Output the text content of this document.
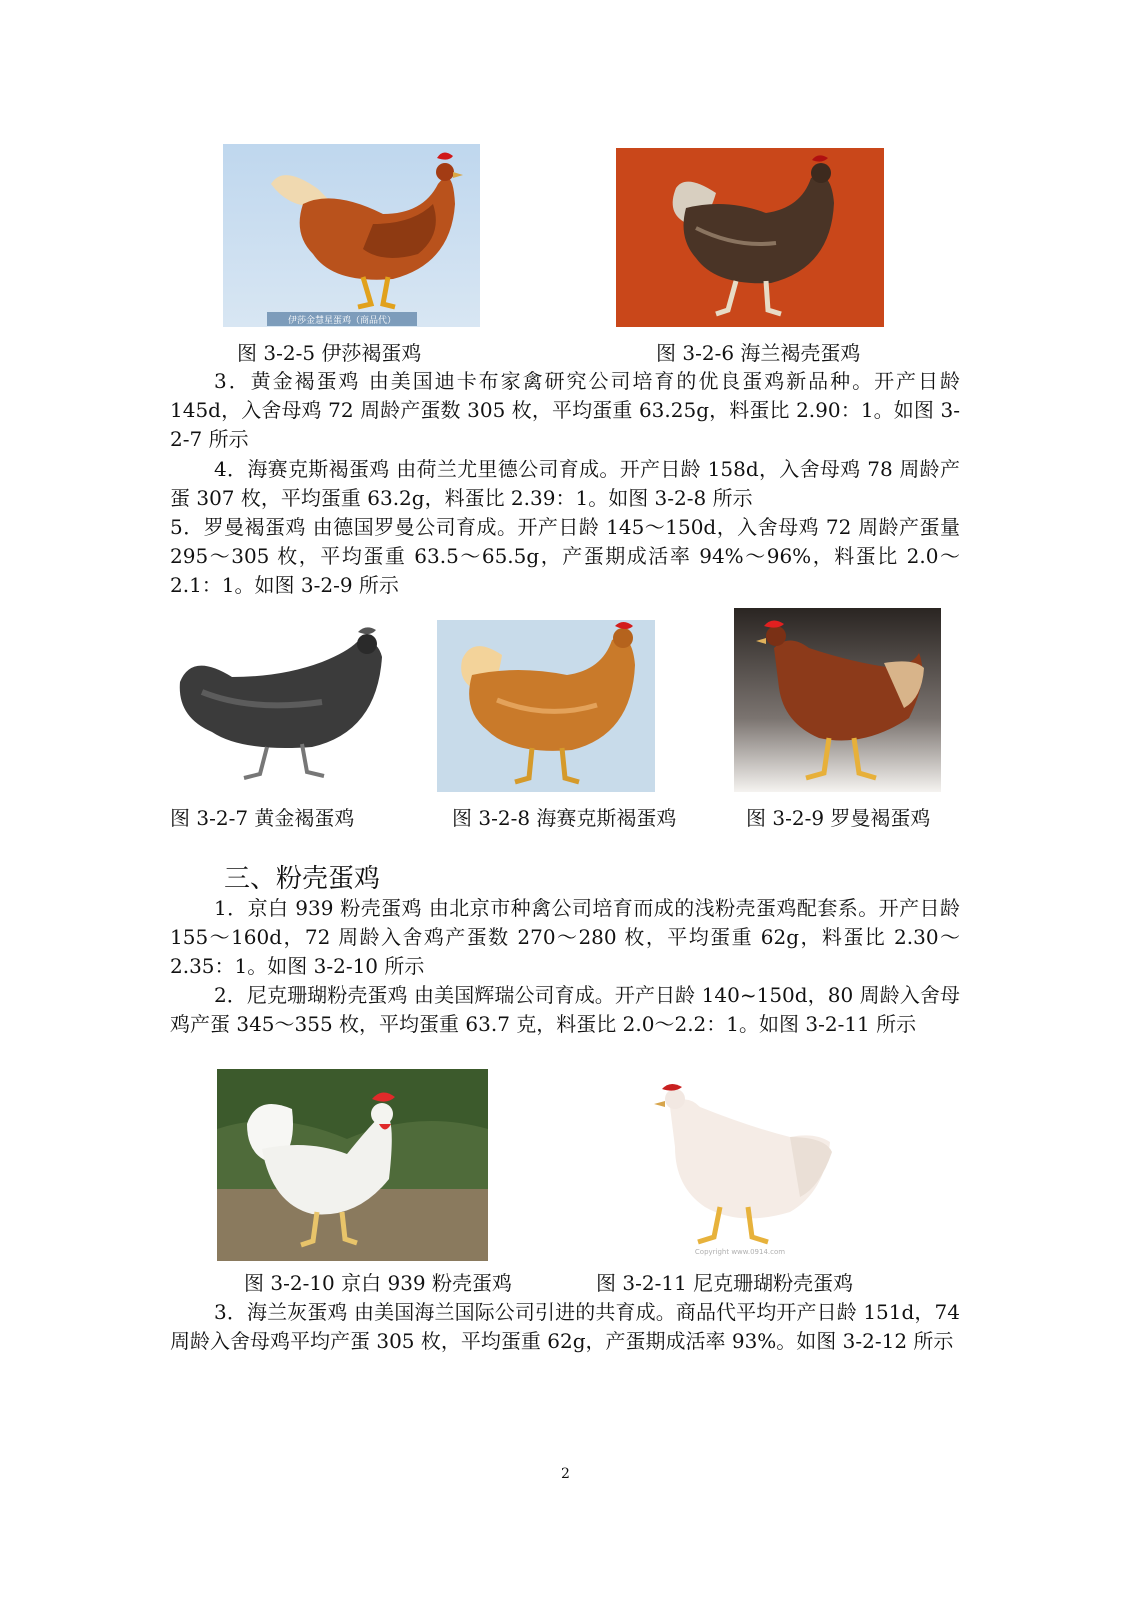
伊莎金慧星蛋鸡（商品代）
图 3-2-5 伊莎褐蛋鸡	图 3-2-6 海兰褐壳蛋鸡
3．黄金褐蛋鸡 由美国迪卡布家禽研究公司培育的优良蛋鸡新品种。开产日龄 145d，入舍母鸡 72 周龄产蛋数 305 枚，平均蛋重 63.25g，料蛋比 2.90：1。如图 3-2-7 所示
4．海赛克斯褐蛋鸡 由荷兰尤里德公司育成。开产日龄 158d，入舍母鸡 78 周龄产蛋 307 枚，平均蛋重 63.2g，料蛋比 2.39：1。如图 3-2-8 所示
5．罗曼褐蛋鸡 由德国罗曼公司育成。开产日龄 145～150d，入舍母鸡 72 周龄产蛋量 295～305 枚，平均蛋重 63.5～65.5g，产蛋期成活率 94%～96%，料蛋比 2.0～2.1：1。如图 3-2-9 所示
图 3-2-7 黄金褐蛋鸡	图 3-2-8 海赛克斯褐蛋鸡	图 3-2-9 罗曼褐蛋鸡
三、粉壳蛋鸡
1．京白 939 粉壳蛋鸡 由北京市种禽公司培育而成的浅粉壳蛋鸡配套系。开产日龄 155～160d，72 周龄入舍鸡产蛋数 270～280 枚，平均蛋重 62g，料蛋比 2.30～2.35：1。如图 3-2-10 所示
2．尼克珊瑚粉壳蛋鸡 由美国辉瑞公司育成。开产日龄 140~150d，80 周龄入舍母鸡产蛋 345～355 枚，平均蛋重 63.7 克，料蛋比 2.0～2.2：1。如图 3-2-11 所示
图 3-2-10 京白 939 粉壳蛋鸡
Copyright www.0914.com
图 3-2-11 尼克珊瑚粉壳蛋鸡
3．海兰灰蛋鸡 由美国海兰国际公司引进的共育成。商品代平均开产日龄 151d，74 周龄入舍母鸡平均产蛋 305 枚，平均蛋重 62g，产蛋期成活率 93%。如图 3-2-12 所示
2
